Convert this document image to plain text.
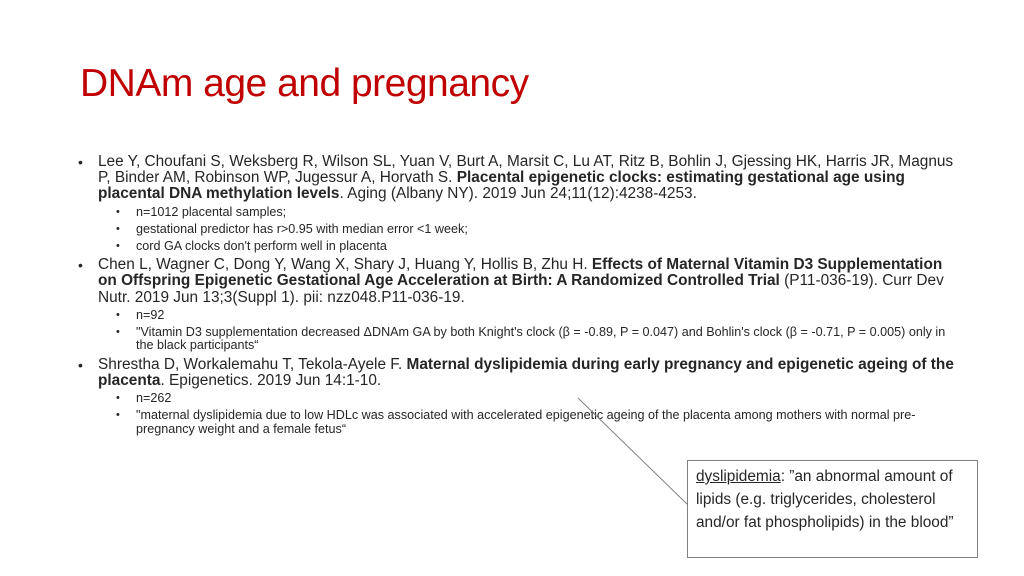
DNAm age and pregnancy
• Lee Y, Choufani S, Weksberg R, Wilson SL, Yuan V, Burt A, Marsit C, Lu AT, Ritz B, Bohlin J, Gjessing HK, Harris JR, Magnus P, Binder AM, Robinson WP, Jugessur A, Horvath S. Placental epigenetic clocks: estimating gestational age using placental DNA methylation levels. Aging (Albany NY). 2019 Jun 24;11(12):4238-4253.
• n=1012 placental samples;
• gestational predictor has r>0.95 with median error <1 week;
• cord GA clocks don't perform well in placenta
• Chen L, Wagner C, Dong Y, Wang X, Shary J, Huang Y, Hollis B, Zhu H. Effects of Maternal Vitamin D3 Supplementation on Offspring Epigenetic Gestational Age Acceleration at Birth: A Randomized Controlled Trial (P11-036-19). Curr Dev Nutr. 2019 Jun 13;3(Suppl 1). pii: nzz048.P11-036-19.
• n=92
• "Vitamin D3 supplementation decreased ΔDNAm GA by both Knight's clock (β = -0.89, P = 0.047) and Bohlin's clock (β = -0.71, P = 0.005) only in the black participants“
• Shrestha D, Workalemahu T, Tekola-Ayele F. Maternal dyslipidemia during early pregnancy and epigenetic ageing of the placenta. Epigenetics. 2019 Jun 14:1-10.
• n=262
• "maternal dyslipidemia due to low HDLc was associated with accelerated epigenetic ageing of the placenta among mothers with normal pre-pregnancy weight and a female fetus“
dyslipidemia: ”an abnormal amount of lipids (e.g. triglycerides, cholesterol and/or fat phospholipids) in the blood”
